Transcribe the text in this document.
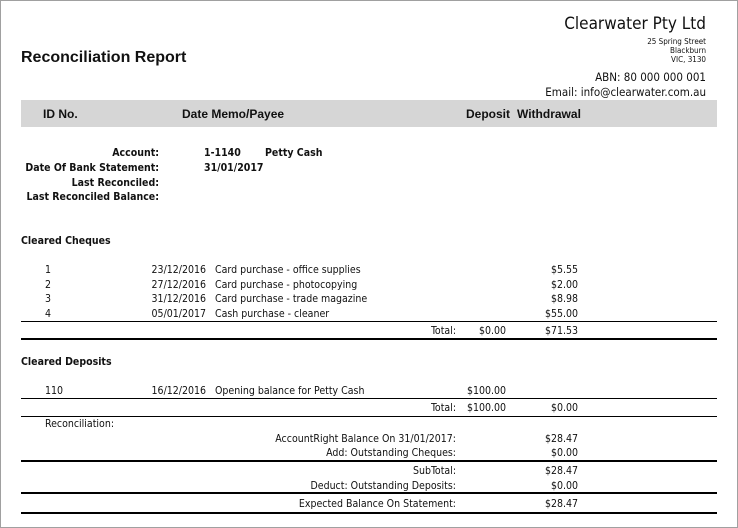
Clearwater Pty Ltd
25 Spring Street
Blackburn
VIC, 3130
ABN: 80 000 000 001
Email: info@clearwater.com.au
Reconciliation Report
ID No.	Date Memo/Payee	Deposit Withdrawal
Account:	1-1140 Petty Cash
Date Of Bank Statement:	31/01/2017
Last Reconciled:
Last Reconciled Balance:
Cleared Cheques
1	23/12/2016 Card purchase - office supplies	$5.55
2	27/12/2016 Card purchase - photocopying	$2.00
3	31/12/2016 Card purchase - trade magazine	$8.98
4	05/01/2017 Cash purchase - cleaner	$55.00
Total: $0.00	$71.53
Cleared Deposits
110	16/12/2016 Opening balance for Petty Cash	$100.00
Total: $100.00	$0.00
Reconciliation:
AccountRight Balance On 31/01/2017:	$28.47
Add: Outstanding Cheques:	$0.00
SubTotal:	$28.47
Deduct: Outstanding Deposits:	$0.00
Expected Balance On Statement:	$28.47
